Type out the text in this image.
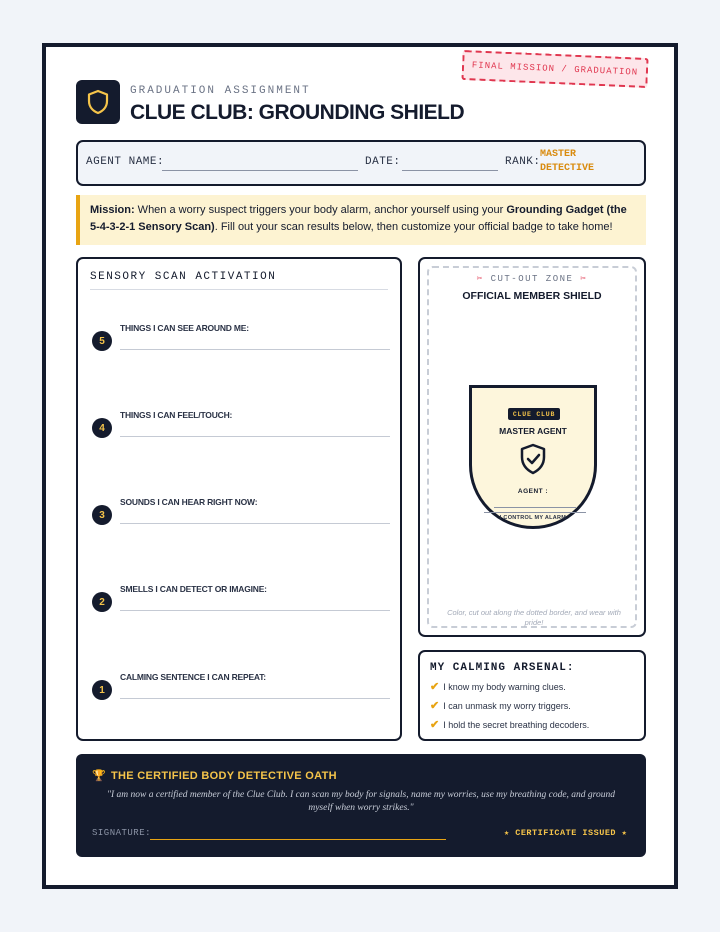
FINAL MISSION / GRADUATION
GRADUATION ASSIGNMENT
CLUE CLUB: GROUNDING SHIELD
AGENT NAME:	DATE:	RANK:
MASTER
DETECTIVE
Mission: When a worry suspect triggers your body alarm, anchor yourself using your Grounding Gadget (the 5-4-3-2-1 Sensory Scan). Fill out your scan results below, then customize your official badge to take home!
SENSORY SCAN ACTIVATION
5
THINGS I CAN SEE AROUND ME:
4
THINGS I CAN FEEL/TOUCH:
3
SOUNDS I CAN HEAR RIGHT NOW:
2
SMELLS I CAN DETECT OR IMAGINE:
1
CALMING SENTENCE I CAN REPEAT:
✂ CUT-OUT ZONE ✂
OFFICIAL MEMBER SHIELD
CLUE CLUB
MASTER AGENT
AGENT :
I CONTROL MY ALARM
Color, cut out along the dotted border, and wear with pride!
MY CALMING ARSENAL:
✔ I know my body warning clues.
✔ I can unmask my worry triggers.
✔ I hold the secret breathing decoders.
🏆 THE CERTIFIED BODY DETECTIVE OATH
"I am now a certified member of the Clue Club. I can scan my body for signals, name my worries, use my breathing code, and ground myself when worry strikes."
SIGNATURE:	★ CERTIFICATE ISSUED ★
